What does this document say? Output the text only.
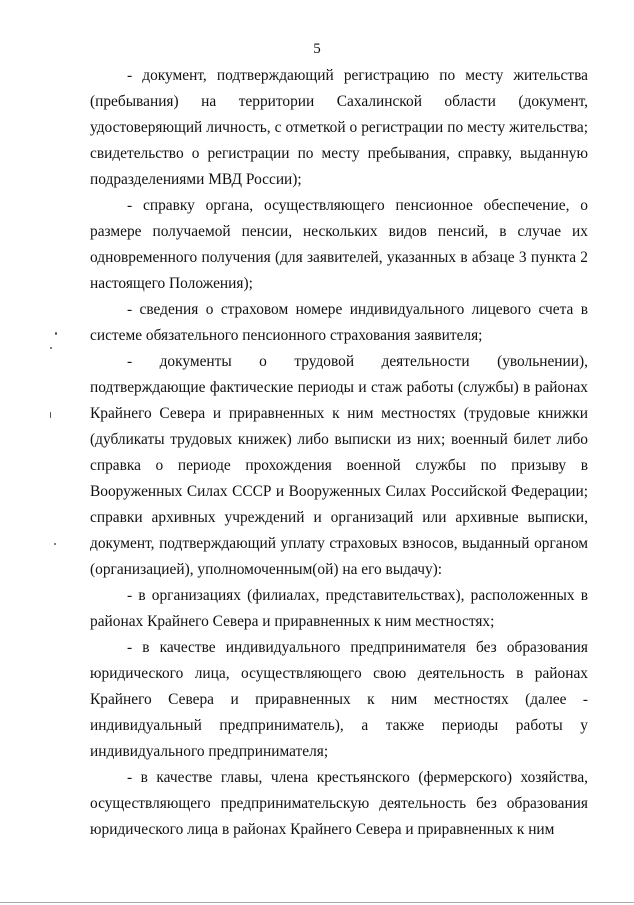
5

- документ, подтверждающий регистрацию по месту жительства (пребывания) на территории Сахалинской области (документ, удостоверяющий личность, с отметкой о регистрации по месту жительства; свидетельство о регистрации по месту пребывания, справку, выданную подразделениями МВД России);

- справку органа, осуществляющего пенсионное обеспечение, о размере получаемой пенсии, нескольких видов пенсий, в случае их одновременного получения (для заявителей, указанных в абзаце 3 пункта 2 настоящего Положения);

- сведения о страховом номере индивидуального лицевого счета в системе обязательного пенсионного страхования заявителя;

- документы о трудовой деятельности (увольнении), подтверждающие фактические периоды и стаж работы (службы) в районах Крайнего Севера и приравненных к ним местностях (трудовые книжки (дубликаты трудовых книжек) либо выписки из них; военный билет либо справка о периоде прохождения военной службы по призыву в Вооруженных Силах СССР и Вооруженных Силах Российской Федерации; справки архивных учреждений и организаций или архивные выписки, документ, подтверждающий уплату страховых взносов, выданный органом (организацией), уполномоченным(ой) на его выдачу):

- в организациях (филиалах, представительствах), расположенных в районах Крайнего Севера и приравненных к ним местностях;

- в качестве индивидуального предпринимателя без образования юридического лица, осуществляющего свою деятельность в районах Крайнего Севера и приравненных к ним местностях (далее - индивидуальный предприниматель), а также периоды работы у индивидуального предпринимателя;

- в качестве главы, члена крестьянского (фермерского) хозяйства, осуществляющего предпринимательскую деятельность без образования юридического лица в районах Крайнего Севера и приравненных к ним
